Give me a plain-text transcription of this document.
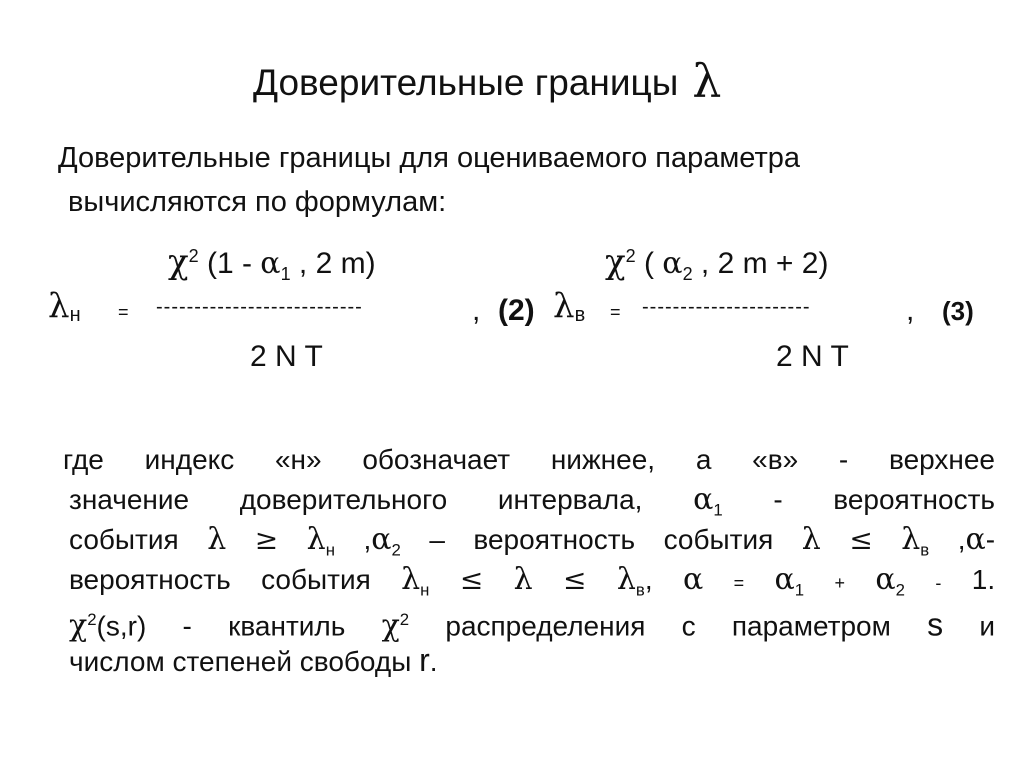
Доверительные границы λ
Доверительные границы для оцениваемого параметра
вычисляются по формулам:
$\chi^2$ ($1 - \alpha_1$ , 2 m)
$\lambda_н$ = ---------------------------	, (2)
2 N T
$\chi^2$ ( $\alpha_2$ , 2 m + 2)
$\lambda_в$ = ----------------------	, (3)
2 N T
где индекс «н» обозначает нижнее, а «в» - верхнее
значение доверительного интервала, $\alpha_1$ - вероятность
события $\lambda \ge \lambda_н$ $,\alpha_2$ – вероятность события $\lambda \le \lambda_в$ ,α-
вероятность события $\lambda_н \le \lambda \le \lambda_в$, $\alpha = \alpha_1 + \alpha_2 - 1$.
$\chi^2(s,r)$ - квантиль $\chi^2$ распределения с параметром s и
числом степеней свободы r.
